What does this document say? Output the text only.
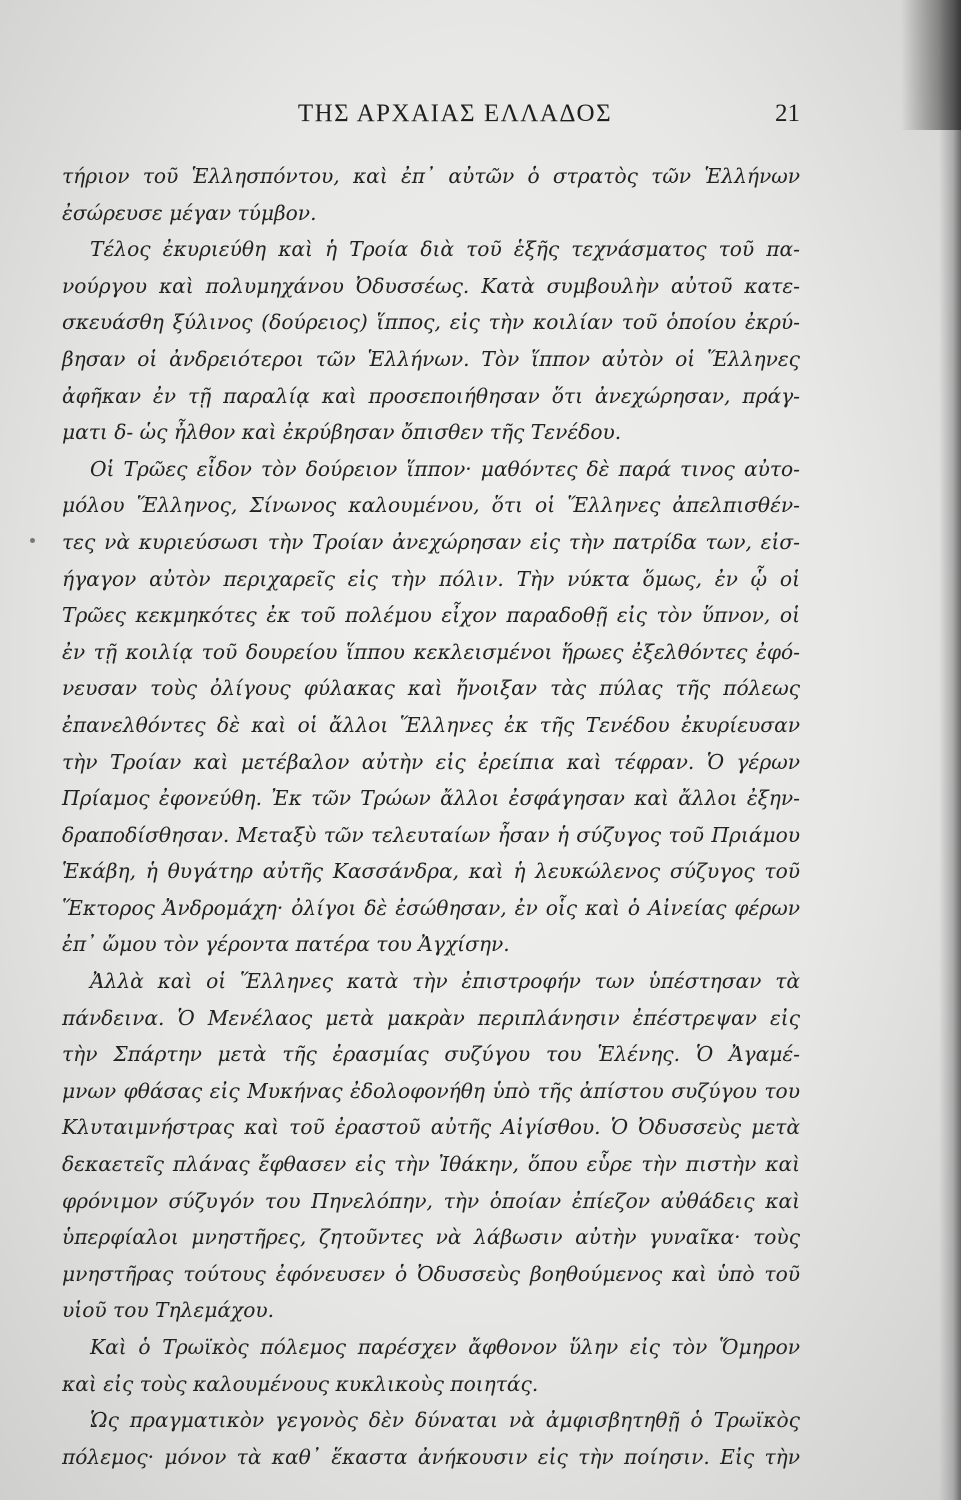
ΤΗΣ ΑΡΧΑΙΑΣ ΕΛΛΑΔΟΣ	21
τήριον τοῦ Ἑλλησπόντου, καὶ ἐπ᾽ αὐτῶν ὁ στρατὸς τῶν Ἑλλήνων
ἐσώρευσε μέγαν τύμβον.
Τέλος ἐκυριεύθη καὶ ἡ Τροία διὰ τοῦ ἑξῆς τεχνάσματος τοῦ πα-
νούργου καὶ πολυμηχάνου Ὀδυσσέως. Κατὰ συμβουλὴν αὐτοῦ κατε-
σκευάσθη ξύλινος (δούρειος) ἵππος, εἰς τὴν κοιλίαν τοῦ ὁποίου ἐκρύ-
βησαν οἱ ἀνδρειότεροι τῶν Ἑλλήνων. Τὸν ἵππον αὐτὸν οἱ Ἕλληνες
ἀφῆκαν ἐν τῇ παραλίᾳ καὶ προσεποιήθησαν ὅτι ἀνεχώρησαν, πράγ-
ματι δ- ὡς ἦλθον καὶ ἐκρύβησαν ὄπισθεν τῆς Τενέδου.
Οἱ Τρῶες εἶδον τὸν δούρειον ἵππον· μαθόντες δὲ παρά τινος αὐτο-
μόλου Ἕλληνος, Σίνωνος καλουμένου, ὅτι οἱ Ἕλληνες ἀπελπισθέν-
τες νὰ κυριεύσωσι τὴν Τροίαν ἀνεχώρησαν εἰς τὴν πατρίδα των, εἰσ-
ήγαγον αὐτὸν περιχαρεῖς εἰς τὴν πόλιν. Τὴν νύκτα ὅμως, ἐν ᾧ οἱ
Τρῶες κεκμηκότες ἐκ τοῦ πολέμου εἶχον παραδοθῇ εἰς τὸν ὕπνον, οἱ
ἐν τῇ κοιλίᾳ τοῦ δουρείου ἵππου κεκλεισμένοι ἥρωες ἐξελθόντες ἐφό-
νευσαν τοὺς ὀλίγους φύλακας καὶ ἤνοιξαν τὰς πύλας τῆς πόλεως
ἐπανελθόντες δὲ καὶ οἱ ἄλλοι Ἕλληνες ἐκ τῆς Τενέδου ἐκυρίευσαν
τὴν Τροίαν καὶ μετέβαλον αὐτὴν εἰς ἐρείπια καὶ τέφραν. Ὁ γέρων
Πρίαμος ἐφονεύθη. Ἐκ τῶν Τρώων ἄλλοι ἐσφάγησαν καὶ ἄλλοι ἐξην-
δραποδίσθησαν. Μεταξὺ τῶν τελευταίων ἦσαν ἡ σύζυγος τοῦ Πριάμου
Ἑκάβη, ἡ θυγάτηρ αὐτῆς Κασσάνδρα, καὶ ἡ λευκώλενος σύζυγος τοῦ
Ἕκτορος Ἀνδρομάχη· ὀλίγοι δὲ ἐσώθησαν, ἐν οἷς καὶ ὁ Αἰνείας φέρων
ἐπ᾽ ὤμου τὸν γέροντα πατέρα του Ἀγχίσην.
Ἀλλὰ καὶ οἱ Ἕλληνες κατὰ τὴν ἐπιστροφήν των ὑπέστησαν τὰ
πάνδεινα. Ὁ Μενέλαος μετὰ μακρὰν περιπλάνησιν ἐπέστρεψαν εἰς
τὴν Σπάρτην μετὰ τῆς ἐρασμίας συζύγου του Ἑλένης. Ὁ Ἀγαμέ-
μνων φθάσας εἰς Μυκήνας ἐδολοφονήθη ὑπὸ τῆς ἀπίστου συζύγου του
Κλυταιμνήστρας καὶ τοῦ ἐραστοῦ αὐτῆς Αἰγίσθου. Ὁ Ὀδυσσεὺς μετὰ
δεκαετεῖς πλάνας ἔφθασεν εἰς τὴν Ἰθάκην, ὅπου εὗρε τὴν πιστὴν καὶ
φρόνιμον σύζυγόν του Πηνελόπην, τὴν ὁποίαν ἐπίεζον αὐθάδεις καὶ
ὑπερφίαλοι μνηστῆρες, ζητοῦντες νὰ λάβωσιν αὐτὴν γυναῖκα· τοὺς
μνηστῆρας τούτους ἐφόνευσεν ὁ Ὀδυσσεὺς βοηθούμενος καὶ ὑπὸ τοῦ
υἱοῦ του Τηλεμάχου.
Καὶ ὁ Τρωϊκὸς πόλεμος παρέσχεν ἄφθονον ὕλην εἰς τὸν Ὅμηρον
καὶ εἰς τοὺς καλουμένους κυκλικοὺς ποιητάς.
Ὡς πραγματικὸν γεγονὸς δὲν δύναται νὰ ἀμφισβητηθῇ ὁ Τρωϊκὸς
πόλεμος· μόνον τὰ καθ᾽ ἕκαστα ἀνήκουσιν εἰς τὴν ποίησιν. Εἰς τὴν
